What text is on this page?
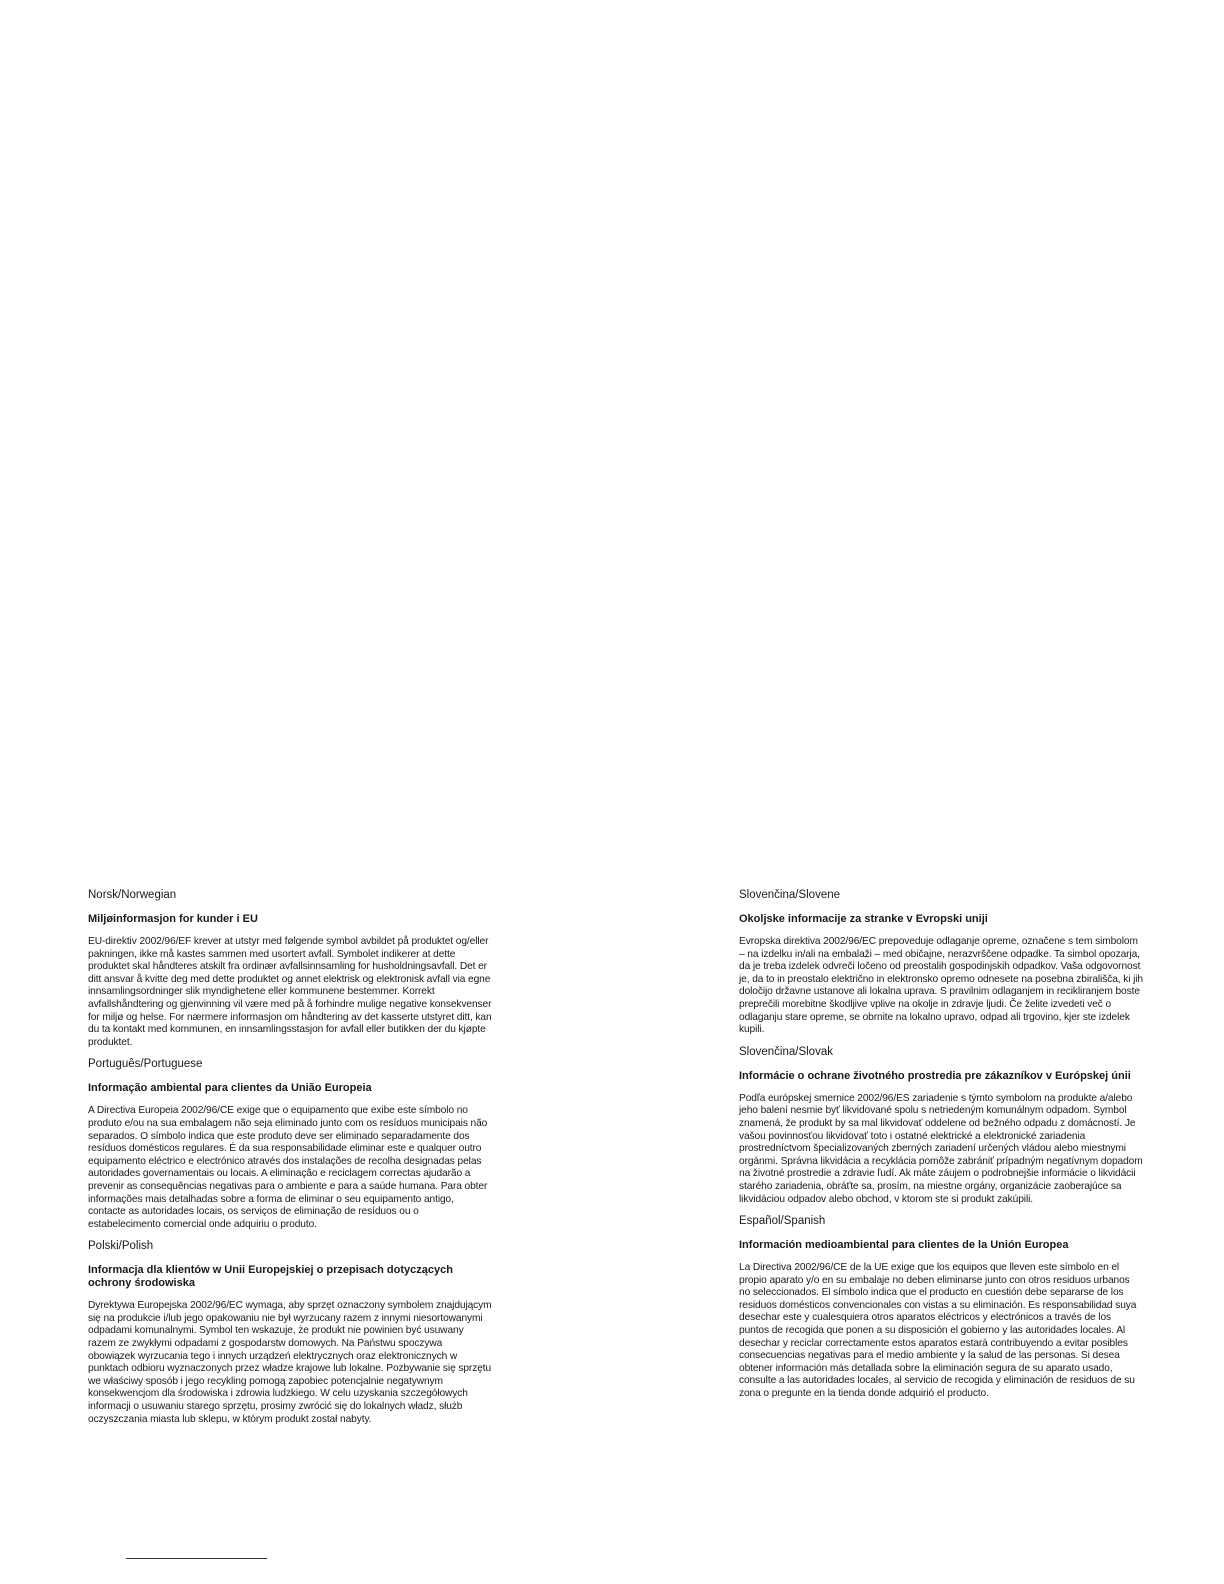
Norsk/Norwegian

Miljøinformasjon for kunder i EU

EU-direktiv 2002/96/EF krever at utstyr med følgende symbol avbildet på produktet og/eller pakningen, ikke må kastes sammen med usortert avfall. Symbolet indikerer at dette produktet skal håndteres atskilt fra ordinær avfallsinnsamling for husholdningsavfall. Det er ditt ansvar å kvitte deg med dette produktet og annet elektrisk og elektronisk avfall via egne innsamlingsordninger slik myndighetene eller kommunene bestemmer. Korrekt avfallshåndtering og gjenvinning vil være med på å forhindre mulige negative konsekvenser for miljø og helse. For nærmere informasjon om håndtering av det kasserte utstyret ditt, kan du ta kontakt med kommunen, en innsamlingsstasjon for avfall eller butikken der du kjøpte produktet.

Português/Portuguese

Informação ambiental para clientes da União Europeia

A Directiva Europeia 2002/96/CE exige que o equipamento que exibe este símbolo no produto e/ou na sua embalagem não seja eliminado junto com os resíduos municipais não separados. O símbolo indica que este produto deve ser eliminado separadamente dos resíduos domésticos regulares. É da sua responsabilidade eliminar este e qualquer outro equipamento eléctrico e electrónico através dos instalações de recolha designadas pelas autoridades governamentais ou locais. A eliminação e reciclagem correctas ajudarão a prevenir as consequências negativas para o ambiente e para a saúde humana. Para obter informações mais detalhadas sobre a forma de eliminar o seu equipamento antigo, contacte as autoridades locais, os serviços de eliminação de resíduos ou o estabelecimento comercial onde adquiriu o produto.

Polski/Polish

Informacja dla klientów w Unii Europejskiej o przepisach dotyczących ochrony środowiska

Dyrektywa Europejska 2002/96/EC wymaga, aby sprzęt oznaczony symbolem znajdującym się na produkcie i/lub jego opakowaniu nie był wyrzucany razem z innymi niesortowanymi odpadami komunalnymi. Symbol ten wskazuje, że produkt nie powinien być usuwany razem ze zwykłymi odpadami z gospodarstw domowych. Na Państwu spoczywa obowiązek wyrzucania tego i innych urządzeń elektrycznych oraz elektronicznych w punktach odbioru wyznaczonych przez władze krajowe lub lokalne. Pozbywanie się sprzętu we właściwy sposób i jego recykling pomogą zapobiec potencjalnie negatywnym konsekwencjom dla środowiska i zdrowia ludzkiego. W celu uzyskania szczegółowych informacji o usuwaniu starego sprzętu, prosimy zwrócić się do lokalnych władz, służb oczyszczania miasta lub sklepu, w którym produkt został nabyty.

Slovenčina/Slovene

Okoljske informacije za stranke v Evropski uniji

Evropska direktiva 2002/96/EC prepoveduje odlaganje opreme, označene s tem simbolom – na izdelku in/ali na embalaži – med običajne, nerazvrščene odpadke. Ta simbol opozarja, da je treba izdelek odvreči ločeno od preostalih gospodinjskih odpadkov. Vaša odgovornost je, da to in preostalo električno in elektronsko opremo odnesete na posebna zbirališča, ki jih določijo državne ustanove ali lokalna uprava. S pravilnim odlaganjem in recikliranjem boste preprečili morebitne škodljive vplive na okolje in zdravje ljudi. Če želite izvedeti več o odlaganju stare opreme, se obrnite na lokalno upravo, odpad ali trgovino, kjer ste izdelek kupili.

Slovenčina/Slovak

Informácie o ochrane životného prostredia pre zákazníkov v Európskej únii

Podľa európskej smernice 2002/96/ES zariadenie s týmto symbolom na produkte a/alebo jeho balení nesmie byť likvidované spolu s netriedeným komunálnym odpadom. Symbol znamená, že produkt by sa mal likvidovať oddelene od bežného odpadu z domácností. Je vašou povinnosťou likvidovať toto i ostatné elektrické a elektronické zariadenia prostredníctvom špecializovaných zberných zariadení určených vládou alebo miestnymi orgánmi. Správna likvidácia a recyklácia pomôže zabrániť prípadným negatívnym dopadom na životné prostredie a zdravie ľudí. Ak máte záujem o podrobnejšie informácie o likvidácii starého zariadenia, obráťte sa, prosím, na miestne orgány, organizácie zaoberajúce sa likvidáciou odpadov alebo obchod, v ktorom ste si produkt zakúpili.

Español/Spanish

Información medioambiental para clientes de la Unión Europea

La Directiva 2002/96/CE de la UE exige que los equipos que lleven este símbolo en el propio aparato y/o en su embalaje no deben eliminarse junto con otros residuos urbanos no seleccionados. El símbolo indica que el producto en cuestión debe separarse de los residuos domésticos convencionales con vistas a su eliminación. Es responsabilidad suya desechar este y cualesquiera otros aparatos eléctricos y electrónicos a través de los puntos de recogida que ponen a su disposición el gobierno y las autoridades locales. Al desechar y reciclar correctamente estos aparatos estará contribuyendo a evitar posibles consecuencias negativas para el medio ambiente y la salud de las personas. Si desea obtener información más detallada sobre la eliminación segura de su aparato usado, consulte a las autoridades locales, al servicio de recogida y eliminación de residuos de su zona o pregunte en la tienda donde adquirió el producto.
